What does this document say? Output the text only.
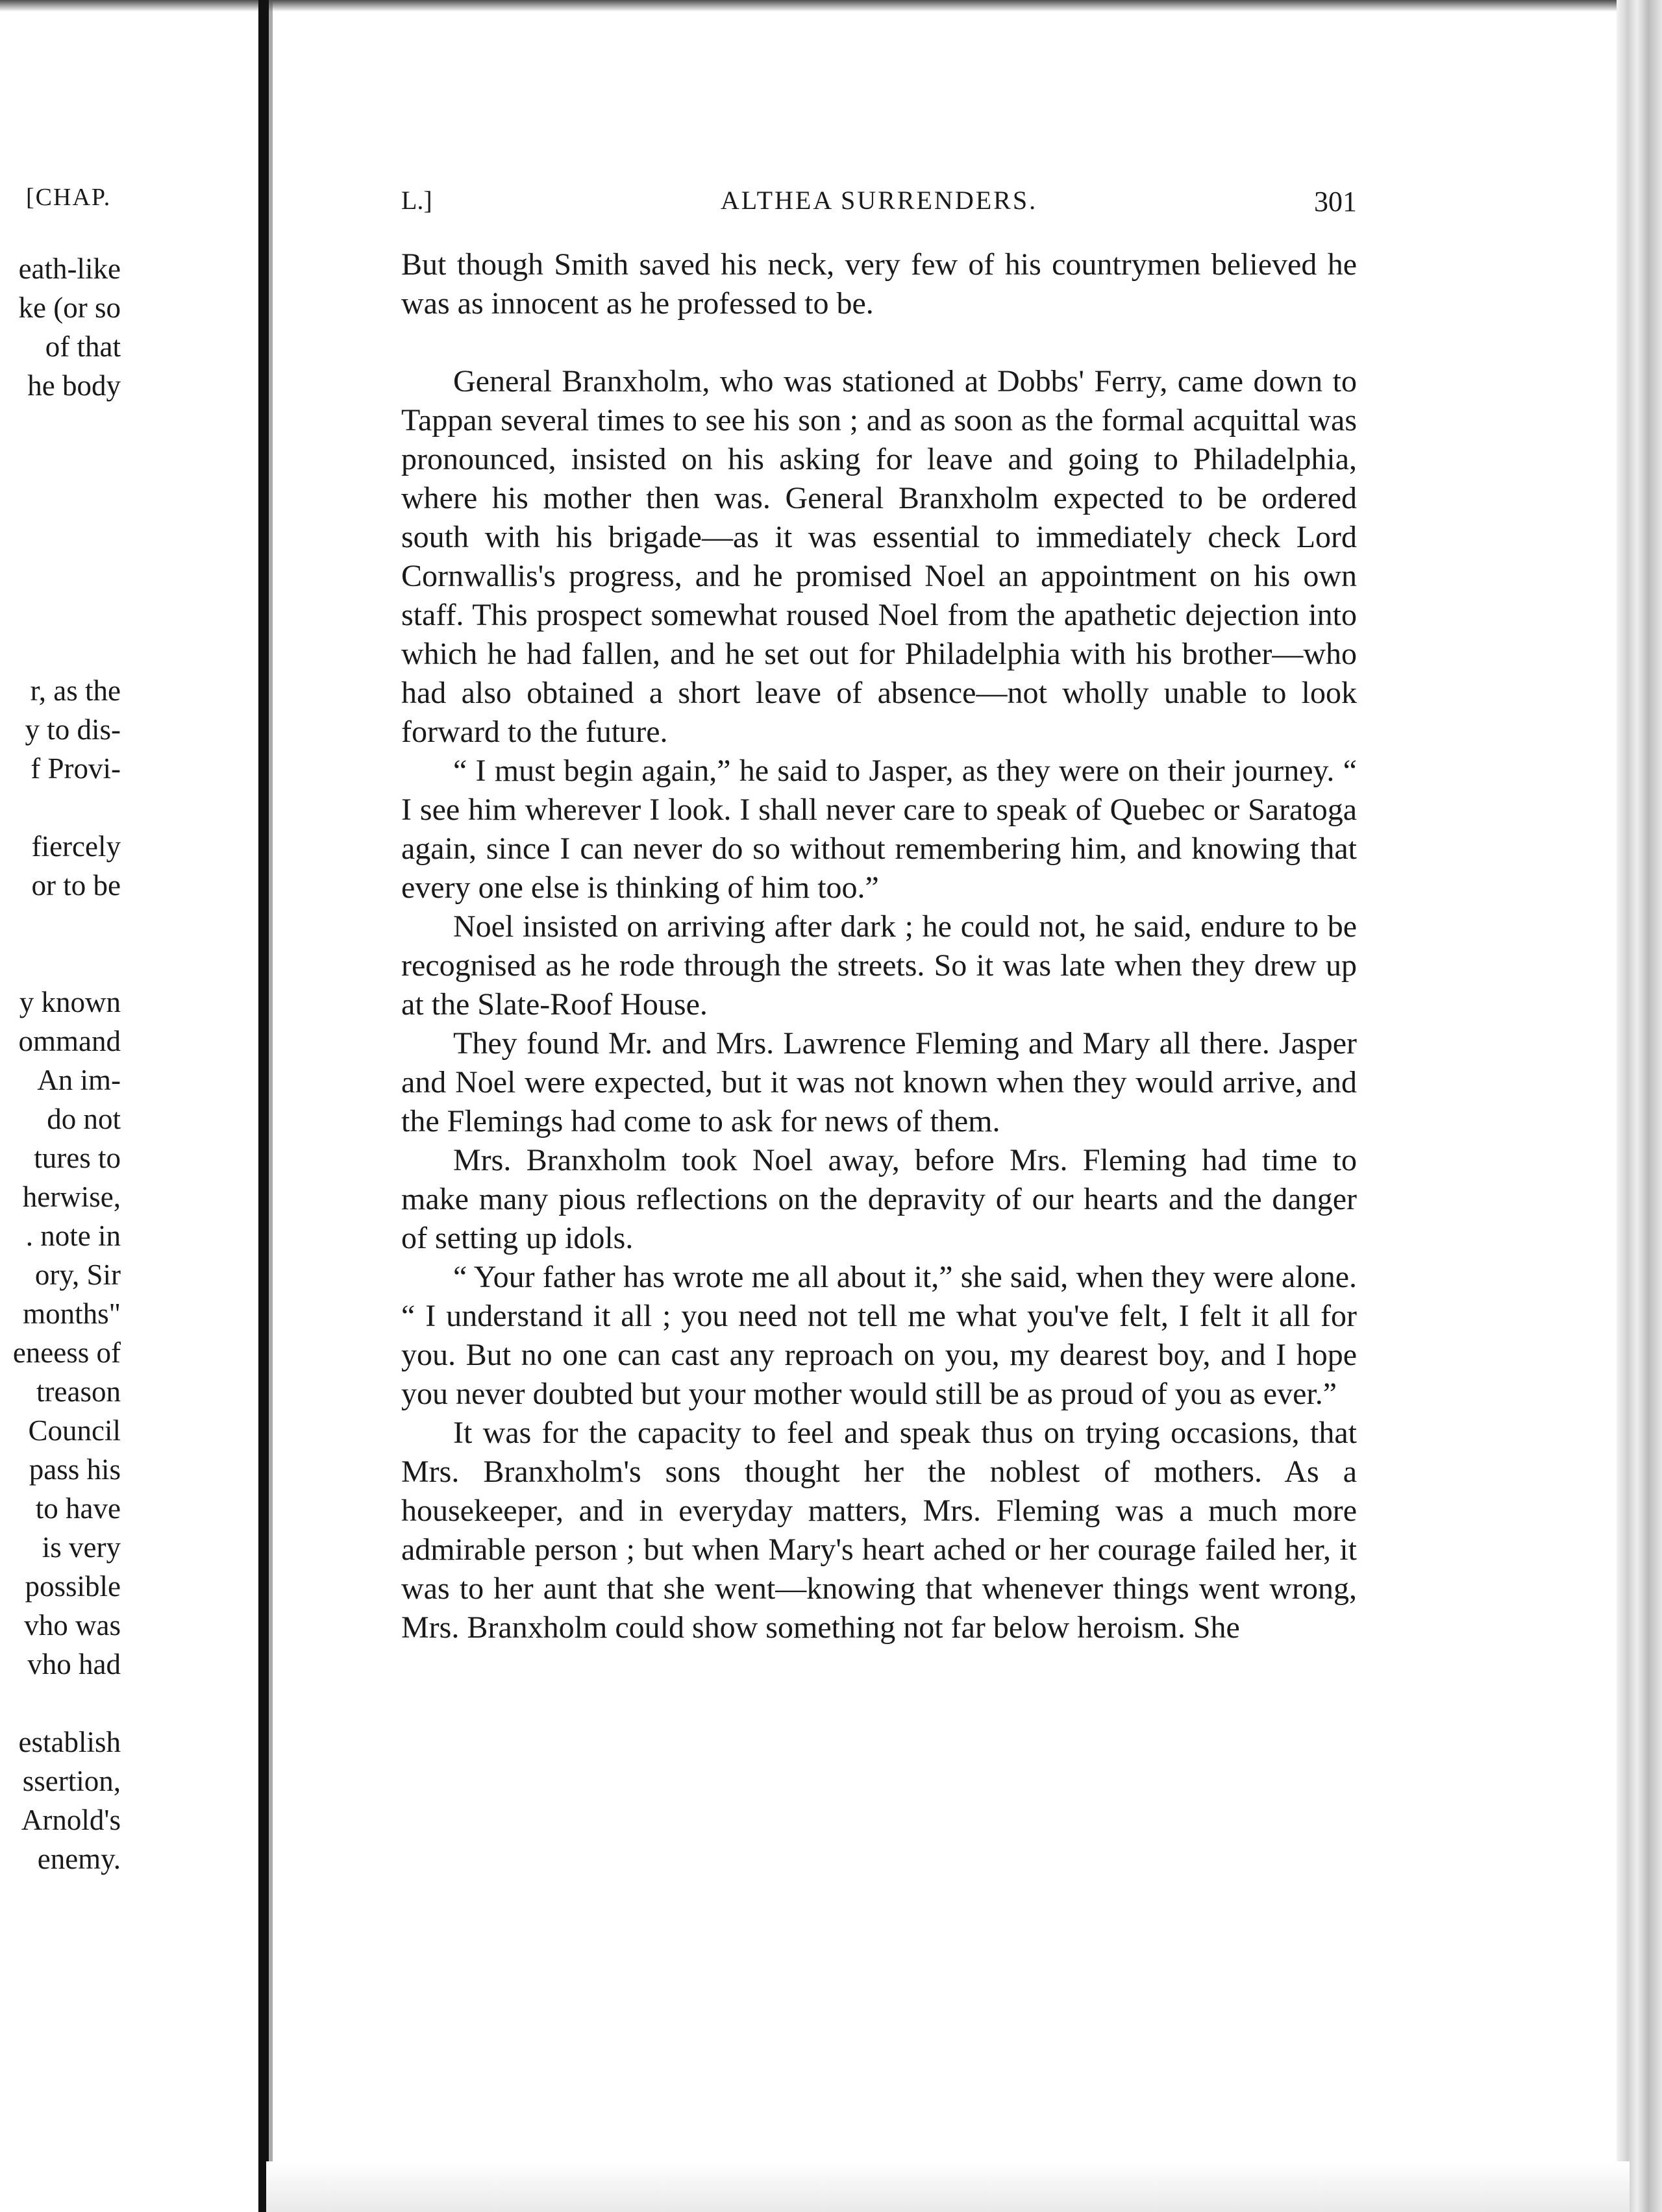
[CHAP.
eath-like
ke (or so
of that
he body
r, as the
y to dis-
f Provi-
fiercely
or to be
y known
ommand
An im-
do not
tures to
herwise,
. note in
ory, Sir
months"
eneess of
treason
Council
pass his
to have
is very
possible
vho was
vho had
establish
ssertion,
Arnold's
enemy.
L.]	ALTHEA SURRENDERS.	301

But though Smith saved his neck, very few of his countrymen believed he was as innocent as he professed to be.

General Branxholm, who was stationed at Dobbs' Ferry, came down to Tappan several times to see his son ; and as soon as the formal acquittal was pronounced, insisted on his asking for leave and going to Philadelphia, where his mother then was. General Branxholm expected to be ordered south with his brigade—as it was essential to immediately check Lord Cornwallis's progress, and he promised Noel an appointment on his own staff. This prospect somewhat roused Noel from the apathetic dejection into which he had fallen, and he set out for Philadelphia with his brother—who had also obtained a short leave of absence—not wholly unable to look forward to the future.

“ I must begin again,” he said to Jasper, as they were on their journey. “ I see him wherever I look. I shall never care to speak of Quebec or Saratoga again, since I can never do so without remembering him, and knowing that every one else is thinking of him too.”

Noel insisted on arriving after dark ; he could not, he said, endure to be recognised as he rode through the streets. So it was late when they drew up at the Slate-Roof House.

They found Mr. and Mrs. Lawrence Fleming and Mary all there. Jasper and Noel were expected, but it was not known when they would arrive, and the Flemings had come to ask for news of them.

Mrs. Branxholm took Noel away, before Mrs. Fleming had time to make many pious reflections on the depravity of our hearts and the danger of setting up idols.

“ Your father has wrote me all about it,” she said, when they were alone. “ I understand it all ; you need not tell me what you've felt, I felt it all for you. But no one can cast any reproach on you, my dearest boy, and I hope you never doubted but your mother would still be as proud of you as ever.”

It was for the capacity to feel and speak thus on trying occasions, that Mrs. Branxholm's sons thought her the noblest of mothers. As a housekeeper, and in everyday matters, Mrs. Fleming was a much more admirable person ; but when Mary's heart ached or her courage failed her, it was to her aunt that she went—knowing that whenever things went wrong, Mrs. Branxholm could show something not far below heroism. She
